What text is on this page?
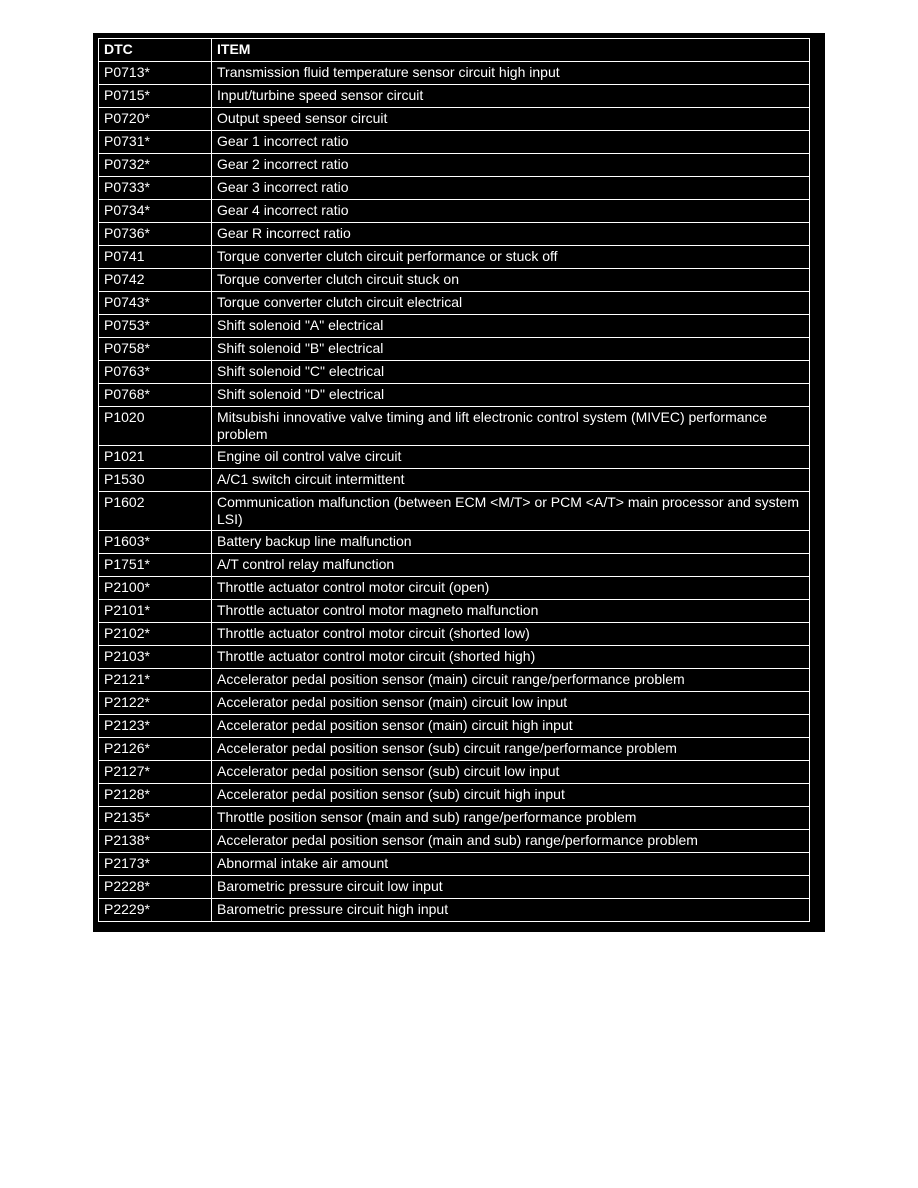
DTC	ITEM
P0713*	Transmission fluid temperature sensor circuit high input
P0715*	Input/turbine speed sensor circuit
P0720*	Output speed sensor circuit
P0731*	Gear 1 incorrect ratio
P0732*	Gear 2 incorrect ratio
P0733*	Gear 3 incorrect ratio
P0734*	Gear 4 incorrect ratio
P0736*	Gear R incorrect ratio
P0741	Torque converter clutch circuit performance or stuck off
P0742	Torque converter clutch circuit stuck on
P0743*	Torque converter clutch circuit electrical
P0753*	Shift solenoid "A" electrical
P0758*	Shift solenoid "B" electrical
P0763*	Shift solenoid "C" electrical
P0768*	Shift solenoid "D" electrical
P1020	Mitsubishi innovative valve timing and lift electronic control system (MIVEC) performance problem
P1021	Engine oil control valve circuit
P1530	A/C1 switch circuit intermittent
P1602	Communication malfunction (between ECM <M/T> or PCM <A/T> main processor and system LSI)
P1603*	Battery backup line malfunction
P1751*	A/T control relay malfunction
P2100*	Throttle actuator control motor circuit (open)
P2101*	Throttle actuator control motor magneto malfunction
P2102*	Throttle actuator control motor circuit (shorted low)
P2103*	Throttle actuator control motor circuit (shorted high)
P2121*	Accelerator pedal position sensor (main) circuit range/performance problem
P2122*	Accelerator pedal position sensor (main) circuit low input
P2123*	Accelerator pedal position sensor (main) circuit high input
P2126*	Accelerator pedal position sensor (sub) circuit range/performance problem
P2127*	Accelerator pedal position sensor (sub) circuit low input
P2128*	Accelerator pedal position sensor (sub) circuit high input
P2135*	Throttle position sensor (main and sub) range/performance problem
P2138*	Accelerator pedal position sensor (main and sub) range/performance problem
P2173*	Abnormal intake air amount
P2228*	Barometric pressure circuit low input
P2229*	Barometric pressure circuit high input
